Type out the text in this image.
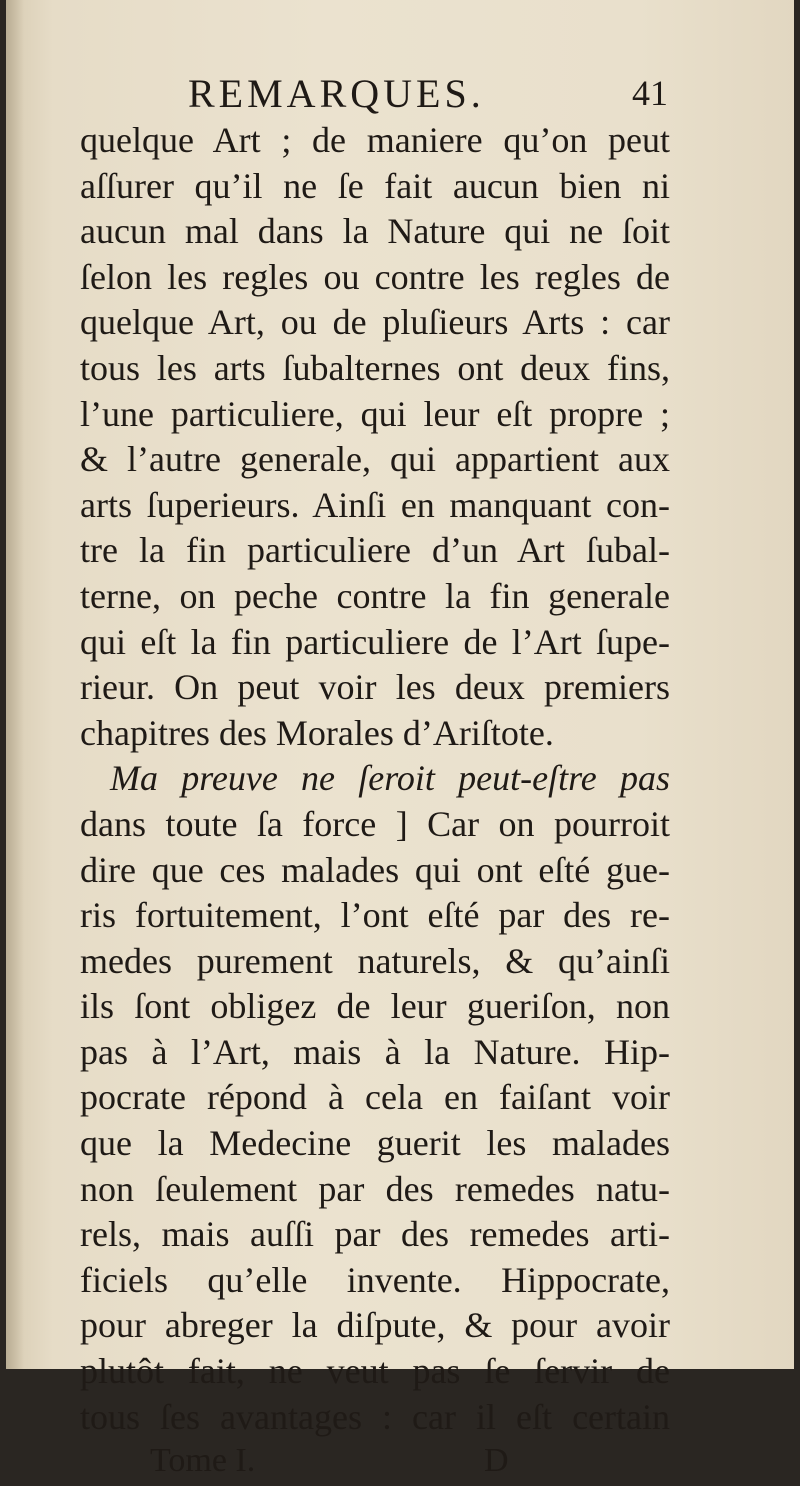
REMARQUES.	41
quelque Art ; de maniere qu’on peut
aſſurer qu’il ne ſe fait aucun bien ni
aucun mal dans la Nature qui ne ſoit
ſelon les regles ou contre les regles de
quelque Art, ou de pluſieurs Arts : car
tous les arts ſubalternes ont deux fins,
l’une particuliere, qui leur eſt propre ;
& l’autre generale, qui appartient aux
arts ſuperieurs. Ainſi en manquant con-
tre la fin particuliere d’un Art ſubal-
terne, on peche contre la fin generale
qui eſt la fin particuliere de l’Art ſupe-
rieur. On peut voir les deux premiers
chapitres des Morales d’Ariſtote.
Ma preuve ne ſeroit peut-eſtre pas
dans toute ſa force ] Car on pourroit
dire que ces malades qui ont eſté gue-
ris fortuitement, l’ont eſté par des re-
medes purement naturels, & qu’ainſi
ils ſont obligez de leur gueriſon, non
pas à l’Art, mais à la Nature. Hip-
pocrate répond à cela en faiſant voir
que la Medecine guerit les malades
non ſeulement par des remedes natu-
rels, mais auſſi par des remedes arti-
ficiels qu’elle invente. Hippocrate,
pour abreger la diſpute, & pour avoir
plutôt fait, ne veut pas ſe ſervir de
tous ſes avantages : car il eſt certain
Tome I.	D
